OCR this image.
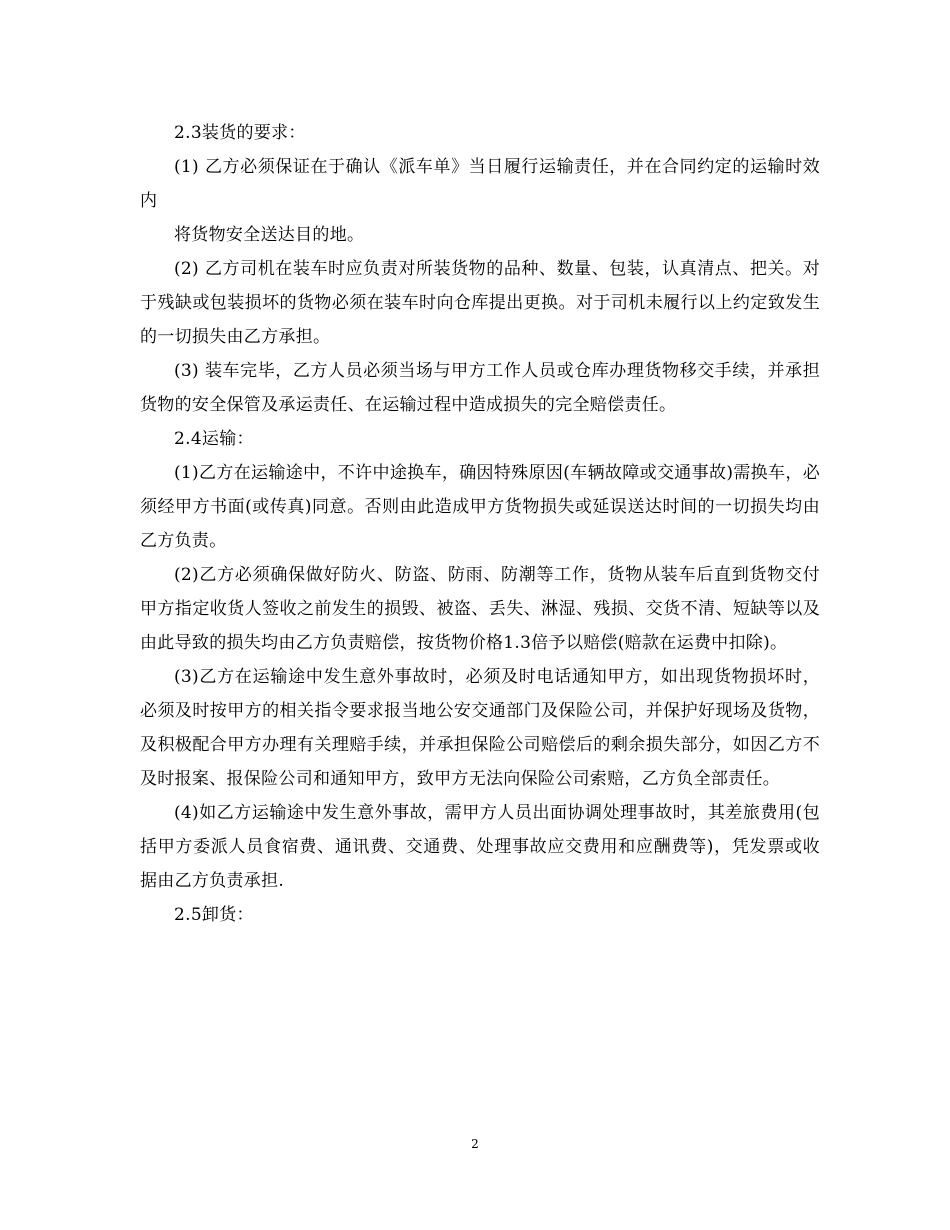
2.3装货的要求：

(1) 乙方必须保证在于确认《派车单》当日履行运输责任，并在合同约定的运输时效内

将货物安全送达目的地。

(2) 乙方司机在装车时应负责对所装货物的品种、数量、包装，认真清点、把关。对于残缺或包装损坏的货物必须在装车时向仓库提出更换。对于司机未履行以上约定致发生的一切损失由乙方承担。

(3) 装车完毕，乙方人员必须当场与甲方工作人员或仓库办理货物移交手续，并承担货物的安全保管及承运责任、在运输过程中造成损失的完全赔偿责任。

2.4运输：

(1)乙方在运输途中，不许中途换车，确因特殊原因(车辆故障或交通事故)需换车，必须经甲方书面(或传真)同意。否则由此造成甲方货物损失或延误送达时间的一切损失均由乙方负责。

(2)乙方必须确保做好防火、防盗、防雨、防潮等工作，货物从装车后直到货物交付甲方指定收货人签收之前发生的损毁、被盗、丢失、淋湿、残损、交货不清、短缺等以及由此导致的损失均由乙方负责赔偿，按货物价格1.3倍予以赔偿(赔款在运费中扣除)。

(3)乙方在运输途中发生意外事故时，必须及时电话通知甲方，如出现货物损坏时，必须及时按甲方的相关指令要求报当地公安交通部门及保险公司，并保护好现场及货物，及积极配合甲方办理有关理赔手续，并承担保险公司赔偿后的剩余损失部分，如因乙方不及时报案、报保险公司和通知甲方，致甲方无法向保险公司索赔，乙方负全部责任。

(4)如乙方运输途中发生意外事故，需甲方人员出面协调处理事故时，其差旅费用(包括甲方委派人员食宿费、通讯费、交通费、处理事故应交费用和应酬费等)，凭发票或收据由乙方负责承担.

2.5卸货：

2
